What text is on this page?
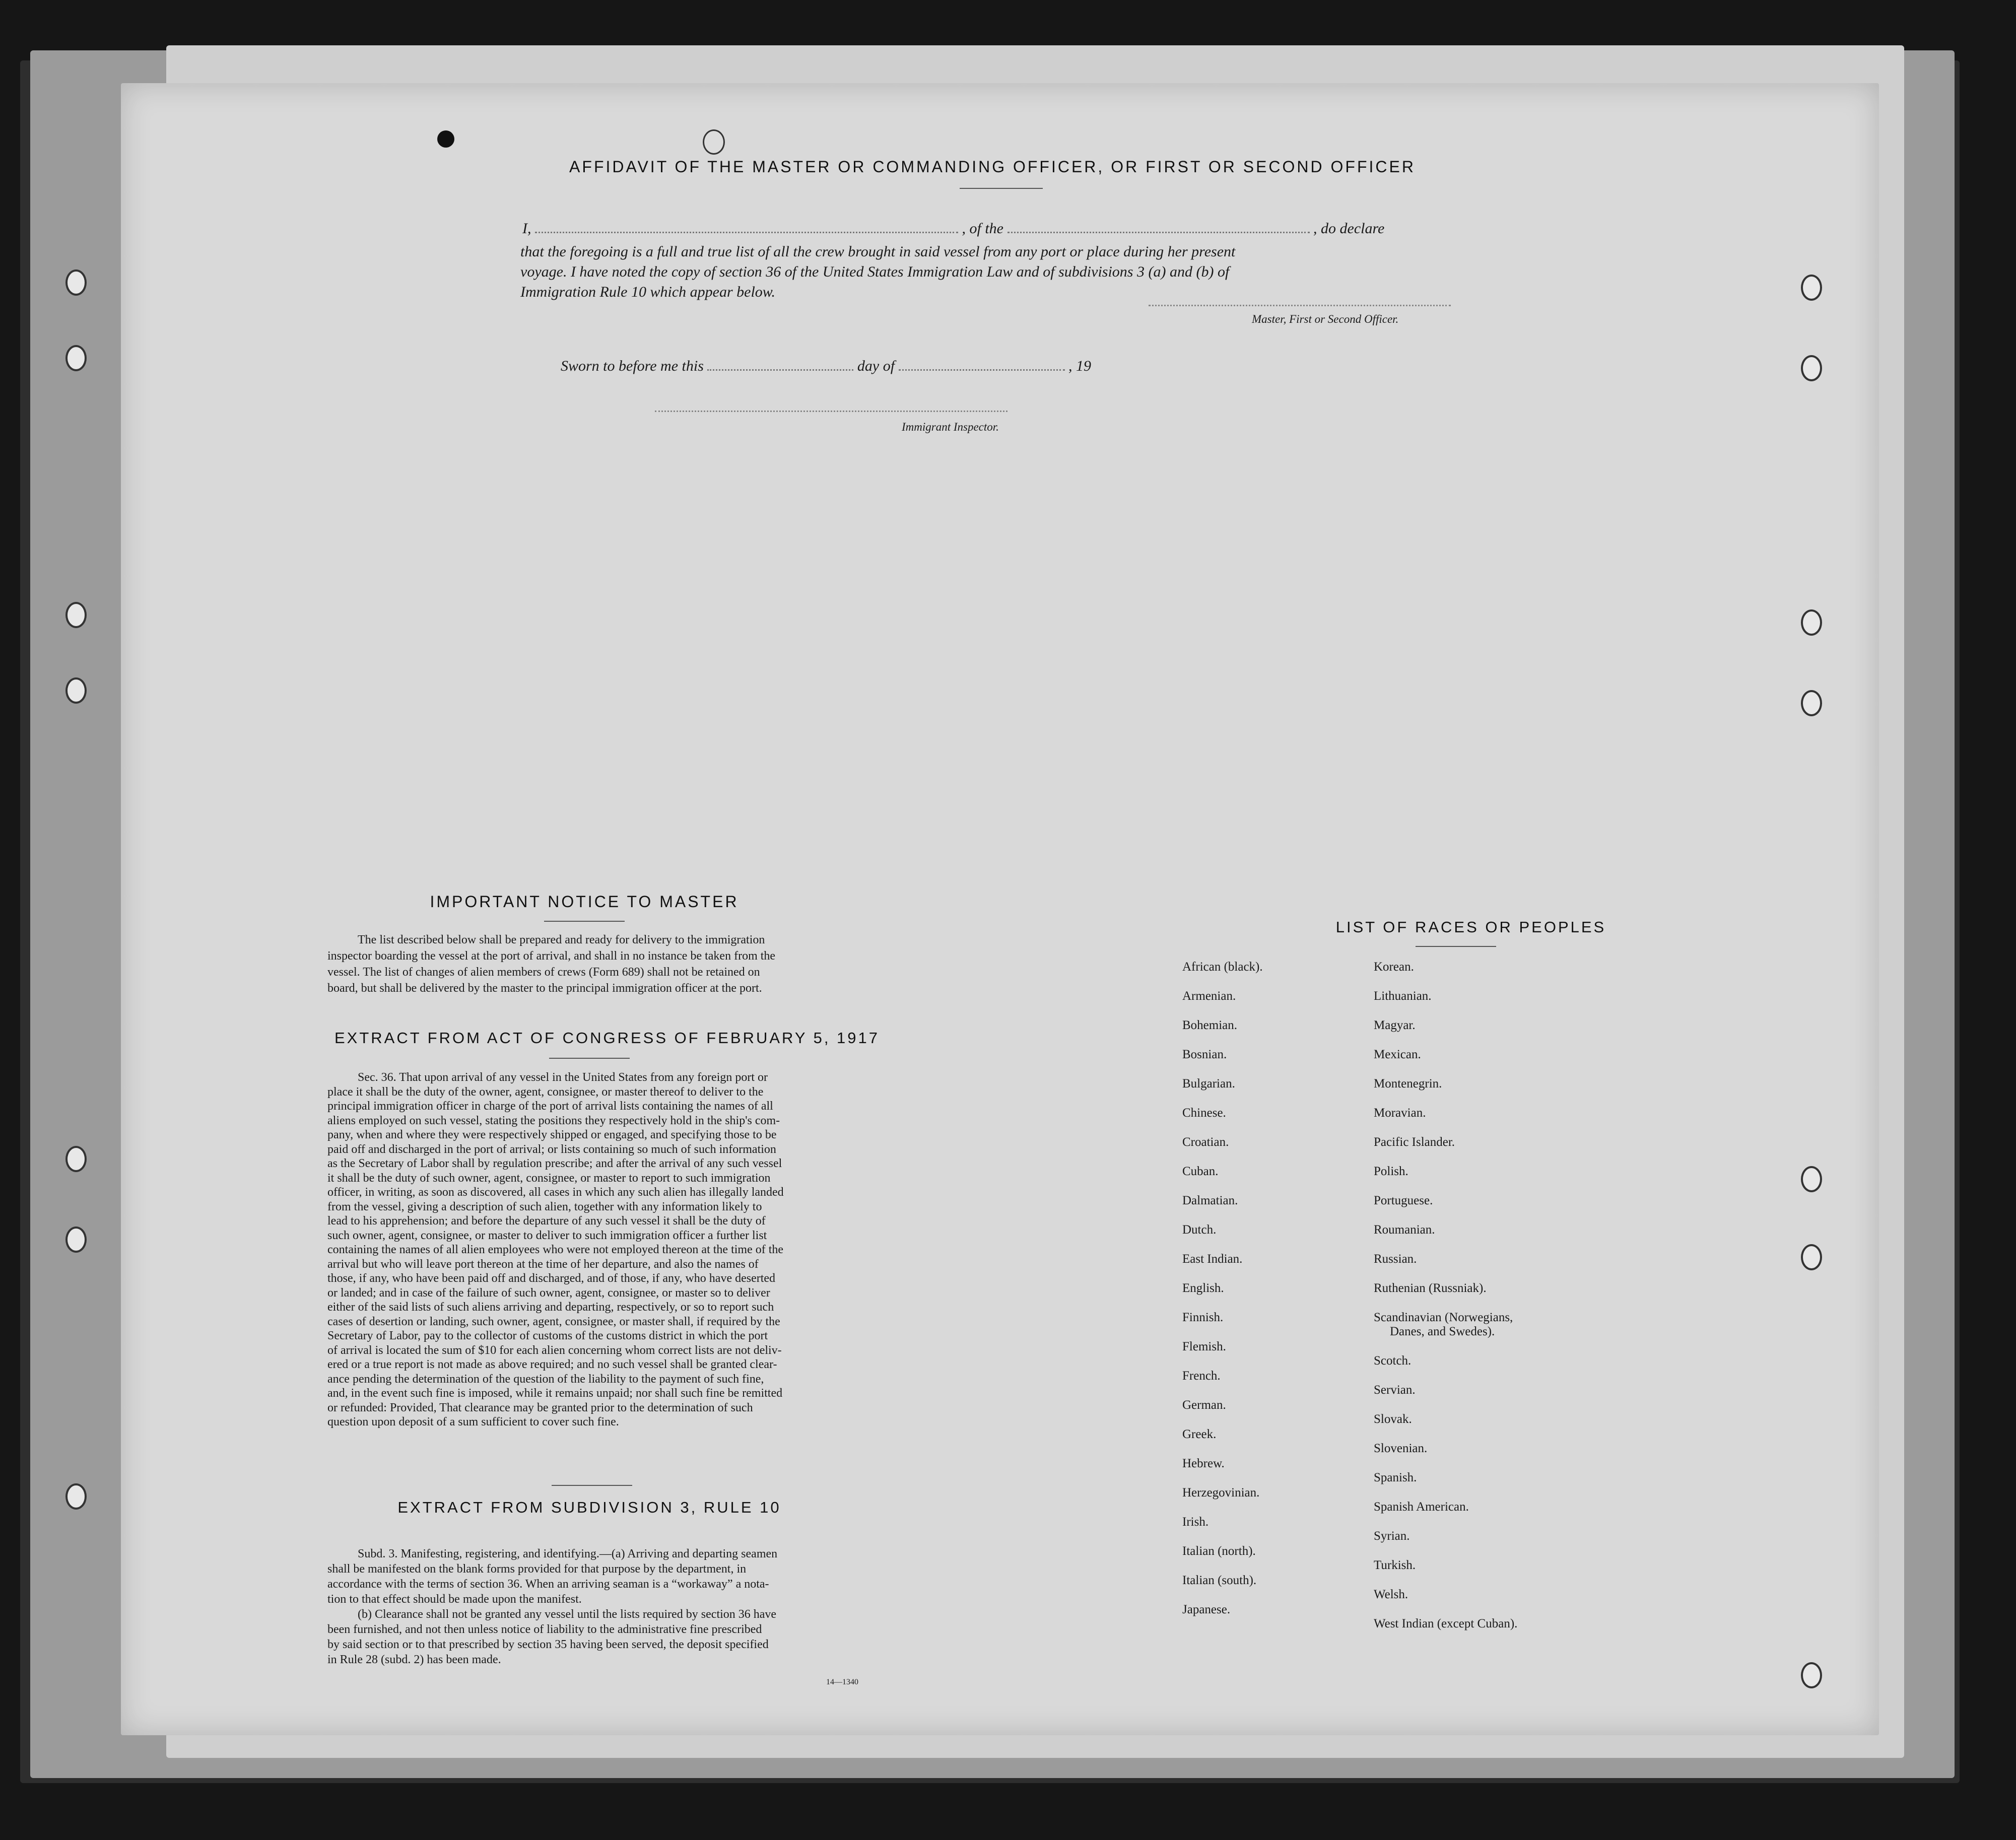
AFFIDAVIT OF THE MASTER OR COMMANDING OFFICER, OR FIRST OR SECOND OFFICER
I,	, of the	, do declare
that the foregoing is a full and true list of all the crew brought in said vessel from any port or place during her present
voyage. I have noted the copy of section 36 of the United States Immigration Law and of subdivisions 3 (a) and (b) of
Immigration Rule 10 which appear below.
Master, First or Second Officer.
Sworn to before me this	day of	, 19
Immigrant Inspector.
IMPORTANT NOTICE TO MASTER
The list described below shall be prepared and ready for delivery to the immigration
inspector boarding the vessel at the port of arrival, and shall in no instance be taken from the
vessel. The list of changes of alien members of crews (Form 689) shall not be retained on
board, but shall be delivered by the master to the principal immigration officer at the port.
EXTRACT FROM ACT OF CONGRESS OF FEBRUARY 5, 1917
Sec. 36. That upon arrival of any vessel in the United States from any foreign port or
place it shall be the duty of the owner, agent, consignee, or master thereof to deliver to the
principal immigration officer in charge of the port of arrival lists containing the names of all
aliens employed on such vessel, stating the positions they respectively hold in the ship's com-
pany, when and where they were respectively shipped or engaged, and specifying those to be
paid off and discharged in the port of arrival; or lists containing so much of such information
as the Secretary of Labor shall by regulation prescribe; and after the arrival of any such vessel
it shall be the duty of such owner, agent, consignee, or master to report to such immigration
officer, in writing, as soon as discovered, all cases in which any such alien has illegally landed
from the vessel, giving a description of such alien, together with any information likely to
lead to his apprehension; and before the departure of any such vessel it shall be the duty of
such owner, agent, consignee, or master to deliver to such immigration officer a further list
containing the names of all alien employees who were not employed thereon at the time of the
arrival but who will leave port thereon at the time of her departure, and also the names of
those, if any, who have been paid off and discharged, and of those, if any, who have deserted
or landed; and in case of the failure of such owner, agent, consignee, or master so to deliver
either of the said lists of such aliens arriving and departing, respectively, or so to report such
cases of desertion or landing, such owner, agent, consignee, or master shall, if required by the
Secretary of Labor, pay to the collector of customs of the customs district in which the port
of arrival is located the sum of $10 for each alien concerning whom correct lists are not deliv-
ered or a true report is not made as above required; and no such vessel shall be granted clear-
ance pending the determination of the question of the liability to the payment of such fine,
and, in the event such fine is imposed, while it remains unpaid; nor shall such fine be remitted
or refunded: Provided, That clearance may be granted prior to the determination of such
question upon deposit of a sum sufficient to cover such fine.
EXTRACT FROM SUBDIVISION 3, RULE 10
Subd. 3. Manifesting, registering, and identifying.—(a) Arriving and departing seamen
shall be manifested on the blank forms provided for that purpose by the department, in
accordance with the terms of section 36. When an arriving seaman is a “workaway” a nota-
tion to that effect should be made upon the manifest.
(b) Clearance shall not be granted any vessel until the lists required by section 36 have
been furnished, and not then unless notice of liability to the administrative fine prescribed
by said section or to that prescribed by section 35 having been served, the deposit specified
in Rule 28 (subd. 2) has been made.
14—1340
LIST OF RACES OR PEOPLES
African (black).
Armenian.
Bohemian.
Bosnian.
Bulgarian.
Chinese.
Croatian.
Cuban.
Dalmatian.
Dutch.
East Indian.
English.
Finnish.
Flemish.
French.
German.
Greek.
Hebrew.
Herzegovinian.
Irish.
Italian (north).
Italian (south).
Japanese.
Korean.
Lithuanian.
Magyar.
Mexican.
Montenegrin.
Moravian.
Pacific Islander.
Polish.
Portuguese.
Roumanian.
Russian.
Ruthenian (Russniak).
Scandinavian (Norwegians,
Danes, and Swedes).
Scotch.
Servian.
Slovak.
Slovenian.
Spanish.
Spanish American.
Syrian.
Turkish.
Welsh.
West Indian (except Cuban).
